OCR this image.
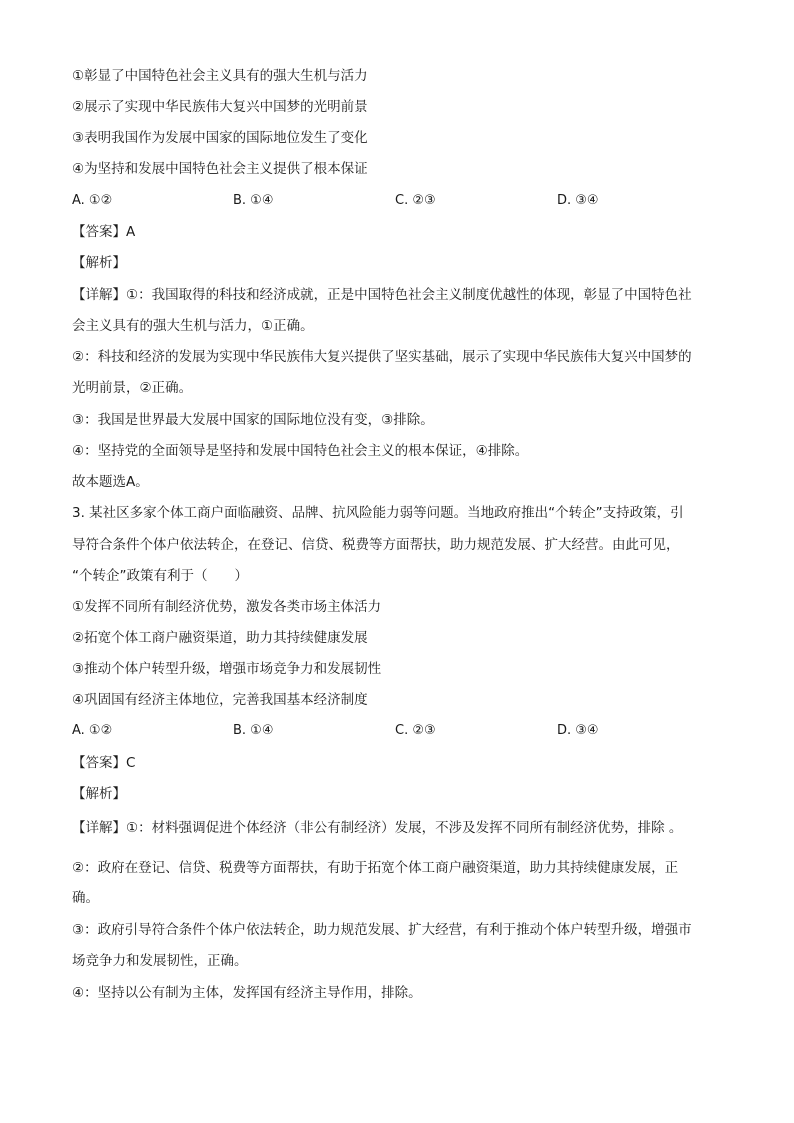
①彰显了中国特色社会主义具有的强大生机与活力
②展示了实现中华民族伟大复兴中国梦的光明前景
③表明我国作为发展中国家的国际地位发生了变化
④为坚持和发展中国特色社会主义提供了根本保证
A. ①②	B. ①④	C. ②③	D. ③④
【答案】A
【解析】
【详解】①：我国取得的科技和经济成就，正是中国特色社会主义制度优越性的体现，彰显了中国特色社
会主义具有的强大生机与活力，①正确。
②：科技和经济的发展为实现中华民族伟大复兴提供了坚实基础，展示了实现中华民族伟大复兴中国梦的
光明前景，②正确。
③：我国是世界最大发展中国家的国际地位没有变，③排除。
④：坚持党的全面领导是坚持和发展中国特色社会主义的根本保证，④排除。
故本题选A。
3. 某社区多家个体工商户面临融资、品牌、抗风险能力弱等问题。当地政府推出“个转企”支持政策，引
导符合条件个体户依法转企，在登记、信贷、税费等方面帮扶，助力规范发展、扩大经营。由此可见，
“个转企”政策有利于（　　）
①发挥不同所有制经济优势，激发各类市场主体活力
②拓宽个体工商户融资渠道，助力其持续健康发展
③推动个体户转型升级，增强市场竞争力和发展韧性
④巩固国有经济主体地位，完善我国基本经济制度
A. ①②	B. ①④	C. ②③	D. ③④
【答案】C
【解析】
【详解】①：材料强调促进个体经济（非公有制经济）发展，不涉及发挥不同所有制经济优势，排除 。
②：政府在登记、信贷、税费等方面帮扶，有助于拓宽个体工商户融资渠道，助力其持续健康发展，正
确。
③：政府引导符合条件个体户依法转企，助力规范发展、扩大经营，有利于推动个体户转型升级，增强市
场竞争力和发展韧性，正确。
④：坚持以公有制为主体，发挥国有经济主导作用，排除。
